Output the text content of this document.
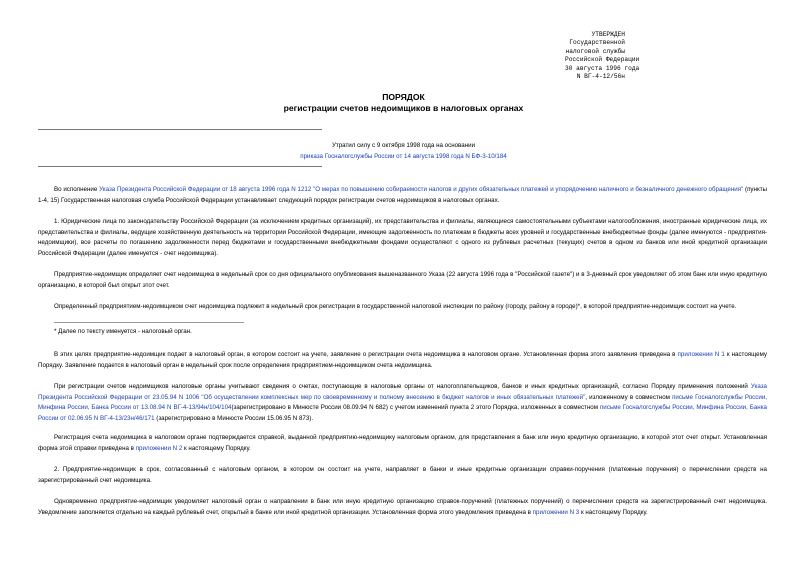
УТВЕРЖДЕН
Государственной
налоговой службы
Российской Федерации
30 августа 1996 года
N ВГ-4-12/56н
ПОРЯДОК
регистрации счетов недоимщиков в налоговых органах
Утратил силу с 9 октября 1998 года на основании
приказа Госналогслужбы России от 14 августа 1998 года N БФ-3-10/184
Во исполнение Указа Президента Российской Федерации от 18 августа 1996 года N 1212 "О мерах по повышению собираемости налогов и других обязательных платежей и упорядочению наличного и безналичного денежного обращения" (пункты 1-4, 15) Государственная налоговая служба Российской Федерации устанавливает следующий порядок регистрации счетов недоимщиков в налоговых органах.
1. Юридические лица по законодательству Российской Федерации (за исключением кредитных организаций), их представительства и филиалы, являющиеся самостоятельными субъектами налогообложения, иностранные юридические лица, их представительства и филиалы, ведущие хозяйственную деятельность на территории Российской Федерации, имеющие задолженность по платежам в бюджеты всех уровней и государственные внебюджетные фонды (далее именуются - предприятия-недоимщики), все расчеты по погашению задолженности перед бюджетами и государственными внебюджетными фондами осуществляют с одного из рублевых расчетных (текущих) счетов в одном из банков или иной кредитной организации Российской Федерации (далее именуется - счет недоимщика).
Предприятие-недоимщик определяет счет недоимщика в недельный срок со дня официального опубликования вышеназванного Указа (22 августа 1996 года в "Российской газете") и в 3-дневный срок уведомляет об этом банк или иную кредитную организацию, в которой был открыт этот счет.
Определенный предприятием-недоимщиком счет недоимщика подлежит в недельный срок регистрации в государственной налоговой инспекции по району (городу, району в городе)*, в которой предприятие-недоимщик состоит на учете.
* Далее по тексту именуется - налоговый орган.
В этих целях предприятие-недоимщик подает в налоговый орган, в котором состоит на учете, заявление о регистрации счета недоимщика в налоговом органе. Установленная форма этого заявления приведена в приложении N 1 к настоящему Порядку. Заявление подается в налоговый орган в недельный срок после определения предприятием-недоимщиком счета недоимщика.
При регистрации счетов недоимщиков налоговые органы учитывают сведения о счетах, поступающие в налоговые органы от налогоплательщиков, банков и иных кредитных организаций, согласно Порядку применения положений Указа Президента Российской Федерации от 23.05.94 N 1006 "Об осуществлении комплексных мер по своевременному и полному внесению в бюджет налогов и иных обязательных платежей", изложенному в совместном письме Госналогслужбы России, Минфина России, Банка России от 13.08.94 N ВГ-4-13/94н/104/104(зарегистрировано в Минюсте России 08.09.94 N 682) с учетом изменений пункта 2 этого Порядка, изложенных в совместном письме Госналогслужбы России, Минфина России, Банка России от 02.06.95 N ВГ-4-13/23н/46/171 (зарегистрировано в Минюсте России 15.06.95 N 873).
Регистрация счета недоимщика в налоговом органе подтверждается справкой, выданной предприятию-недоимщику налоговым органом, для представления в банк или иную кредитную организацию, в которой этот счет открыт. Установленная форма этой справки приведена в приложении N 2 к настоящему Порядку.
2. Предприятие-недоимщик в срок, согласованный с налоговым органом, в котором он состоит на учете, направляет в банки и иные кредитные организации справки-поручения (платежные поручения) о перечислении средств на зарегистрированный счет недоимщика.
Одновременно предприятие-недоимщик уведомляет налоговый орган о направлении в банк или иную кредитную организацию справок-поручений (платежных поручений) о перечислении средств на зарегистрированный счет недоимщика. Уведомление заполняется отдельно на каждый рублевый счет, открытый в банке или иной кредитной организации. Установленная форма этого уведомления приведена в приложении N 3 к настоящему Порядку.
